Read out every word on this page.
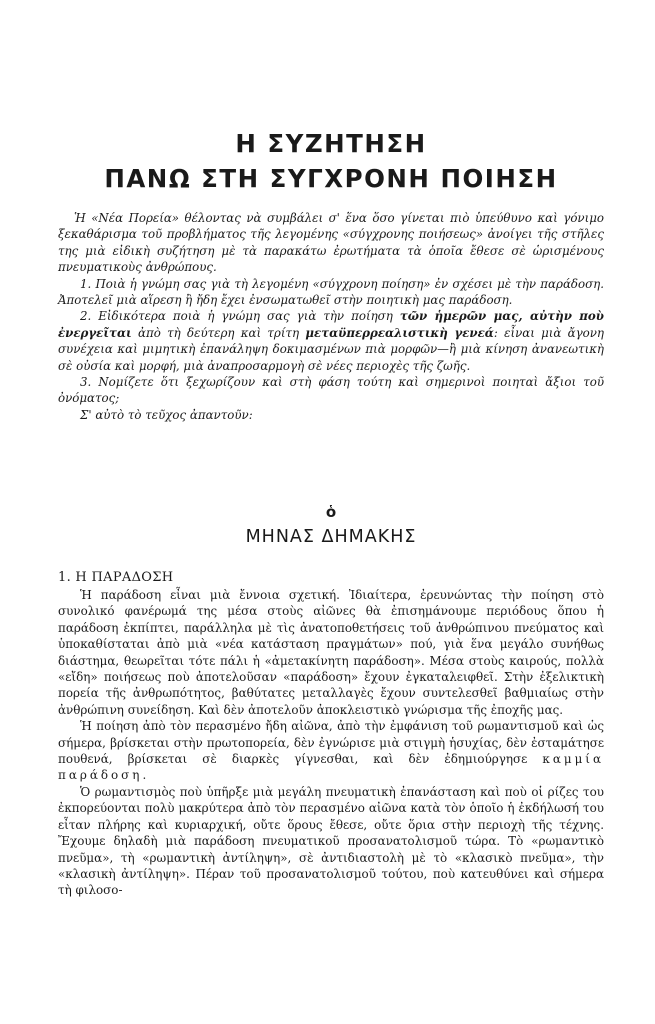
Η ΣΥΖΗΤΗΣΗ
ΠΑΝΩ ΣΤΗ ΣΥΓΧΡΟΝΗ ΠΟΙΗΣΗ

Ἡ «Νέα Πορεία» θέλοντας νὰ συμβάλει σ' ἕνα ὅσο γίνεται πιὸ ὑπεύθυνο καὶ γόνιμο ξεκαθάρισμα τοῦ προβλήματος τῆς λεγομένης «σύγχρονης ποιήσεως» ἀνοίγει τῆς στῆλες της μιὰ εἰδικὴ συζήτηση μὲ τὰ παρακάτω ἐρωτήματα τὰ ὁποῖα ἔθεσε σὲ ὡρισμένους πνευματικοὺς ἀνθρώπους.

1. Ποιὰ ἡ γνώμη σας γιὰ τὴ λεγομένη «σύγχρονη ποίηση» ἐν σχέσει μὲ τὴν παράδοση. Ἀποτελεῖ μιὰ αἵρεση ἢ ἤδη ἔχει ἐνσωματωθεῖ στὴν ποιητικὴ μας παράδοση.

2. Εἰδικότερα ποιὰ ἡ γνώμη σας γιὰ τὴν ποίηση τῶν ἡμερῶν μας, αὐτὴν ποὺ ἐνεργεῖται ἀπὸ τὴ δεύτερη καὶ τρίτη μεταϋπερρεαλιστικὴ γενεά: εἶναι μιὰ ἄγονη συνέχεια καὶ μιμητικὴ ἐπανάληψη δοκιμασμένων πιὰ μορφῶν—ἢ μιὰ κίνηση ἀνανεωτικὴ σὲ οὐσία καὶ μορφή, μιὰ ἀναπροσαρμογὴ σὲ νέες περιοχὲς τῆς ζωῆς.

3. Νομίζετε ὅτι ξεχωρίζουν καὶ στὴ φάση τούτη καὶ σημερινοὶ ποιηταὶ ἄξιοι τοῦ ὀνόματος;

Σ' αὐτὸ τὸ τεῦχος ἀπαντοῦν:

ὁ
ΜΗΝΑΣ ΔΗΜΑΚΗΣ
1. Η ΠΑΡΑΔΟΣΗ

Ἡ παράδοση εἶναι μιὰ ἔννοια σχετική. Ἰδιαίτερα, ἐρευνώντας τὴν ποίηση στὸ συνολικό φανέρωμά της μέσα στοὺς αἰῶνες θὰ ἐπισημάνουμε περιόδους ὅπου ἡ παράδοση ἐκπίπτει, παράλληλα μὲ τὶς ἀνατοποθετήσεις τοῦ ἀνθρώπινου πνεύματος καὶ ὑποκαθίσταται ἀπὸ μιὰ «νέα κατάσταση πραγμάτων» πού, γιὰ ἕνα μεγάλο συνήθως διάστημα, θεωρεῖται τότε πάλι ἡ «ἀμετακίνητη παράδοση». Μέσα στοὺς καιρούς, πολλὰ «εἴδη» ποιήσεως ποὺ ἀποτελοῦσαν «παράδοση» ἔχουν ἐγκαταλειφθεῖ. Στὴν ἐξελικτικὴ πορεία τῆς ἀνθρωπότητος, βαθύτατες μεταλλαγὲς ἔχουν συντελεσθεῖ βαθμιαίως στὴν ἀνθρώπινη συνείδηση. Καὶ δὲν ἀποτελοῦν ἀποκλειστικὸ γνώρισμα τῆς ἐποχῆς μας.

Ἡ ποίηση ἀπὸ τὸν περασμένο ἤδη αἰῶνα, ἀπὸ τὴν ἐμφάνιση τοῦ ρωμαντισμοῦ καὶ ὡς σήμερα, βρίσκεται στὴν πρωτοπορεία, δὲν ἐγνώρισε μιὰ στιγμὴ ἡσυχίας, δὲν ἐσταμάτησε πουθενά, βρίσκεται σὲ διαρκὲς γίγνεσθαι, καὶ δὲν ἐδημιούργησε καμμία παράδοση.

Ὁ ρωμαντισμὸς ποὺ ὑπῆρξε μιὰ μεγάλη πνευματικὴ ἐπανάσταση καὶ ποὺ οἱ ρίζες του ἐκπορεύονται πολὺ μακρύτερα ἀπὸ τὸν περασμένο αἰῶνα κατὰ τὸν ὁποῖο ἡ ἐκδήλωσή του εἶταν πλήρης καὶ κυριαρχική, οὔτε ὅρους ἔθεσε, οὔτε ὅρια στὴν περιοχὴ τῆς τέχνης. Ἔχουμε δηλαδὴ μιὰ παράδοση πνευματικοῦ προσανατολισμοῦ τώρα. Τὸ «ρωμαντικὸ πνεῦμα», τὴ «ρωμαντικὴ ἀντίληψη», σὲ ἀντιδιαστολὴ μὲ τὸ «κλασικὸ πνεῦμα», τὴν «κλασικὴ ἀντίληψη». Πέραν τοῦ προσανατολισμοῦ τούτου, ποὺ κατευθύνει καὶ σήμερα τὴ φιλοσο-
